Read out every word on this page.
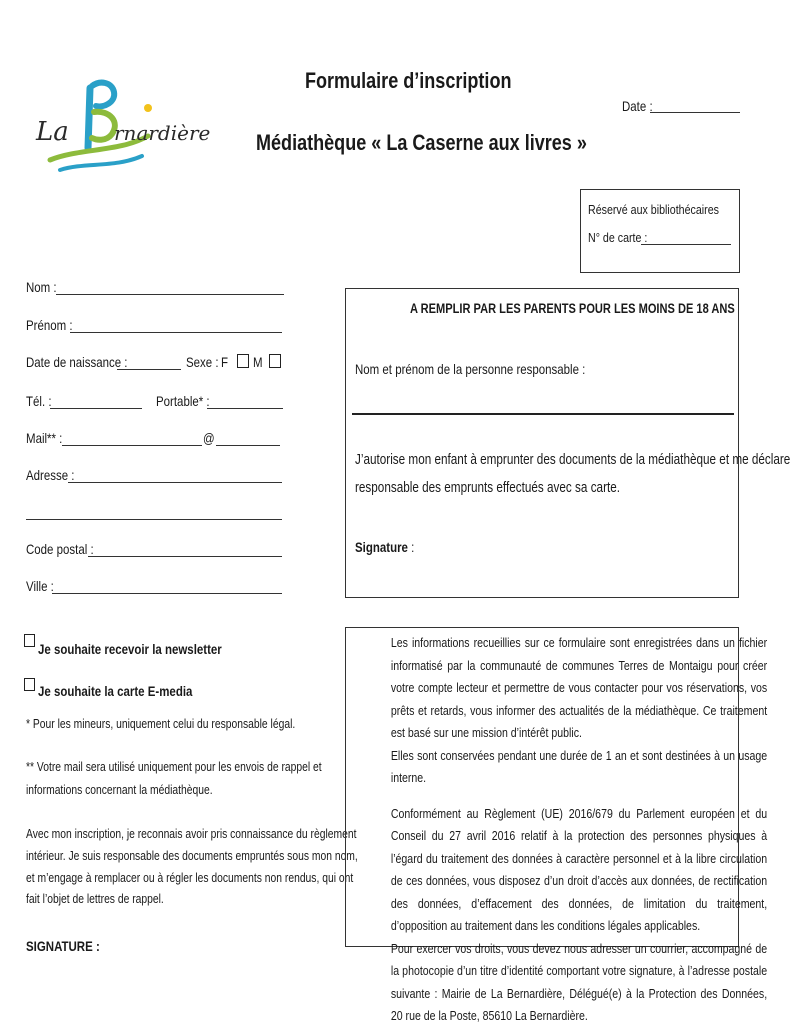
La rnardière
Formulaire d’inscription
Médiathèque « La Caserne aux livres »
Date :
Réservé aux bibliothécaires
N° de carte :
Nom :
Prénom :
Date de naissance :	Sexe : F M
Tél. :	Portable* :
Mail** :	@
Adresse :
Code postal :
Ville :
A REMPLIR PAR LES PARENTS POUR LES MOINS DE 18 ANS
Nom et prénom de la personne responsable :
J’autorise mon enfant à emprunter des documents de la médiathèque et me déclare
responsable des emprunts effectués avec sa carte.
Signature :
Je souhaite recevoir la newsletter
Je souhaite la carte E-media
* Pour les mineurs, uniquement celui du responsable légal.
** Votre mail sera utilisé uniquement pour les envois de rappel et
informations concernant la médiathèque.
Avec mon inscription, je reconnais avoir pris connaissance du règlement
intérieur. Je suis responsable des documents empruntés sous mon nom,
et m’engage à remplacer ou à régler les documents non rendus, qui ont
fait l’objet de lettres de rappel.
SIGNATURE :

Les informations recueillies sur ce formulaire sont enregistrées dans un fichier informatisé par la communauté de communes Terres de Montaigu pour créer votre compte lecteur et permettre de vous contacter pour vos réservations, vos prêts et retards, vous informer des actualités de la médiathèque. Ce traitement est basé sur une mission d’intérêt public.

Elles sont conservées pendant une durée de 1 an et sont destinées à un usage interne.

Conformément au Règlement (UE) 2016/679 du Parlement européen et du Conseil du 27 avril 2016 relatif à la protection des personnes physiques à l’égard du traitement des données à caractère personnel et à la libre circulation de ces données, vous disposez d’un droit d’accès aux données, de rectification des données, d’effacement des données, de limitation du traitement, d’opposition au traitement dans les conditions légales applicables.

Pour exercer vos droits, vous devez nous adresser un courrier, accompagné de la photocopie d’un titre d’identité comportant votre signature, à l’adresse postale suivante : Mairie de La Bernardière, Délégué(e) à la Protection des Données, 20 rue de la Poste, 85610 La Bernardière.
